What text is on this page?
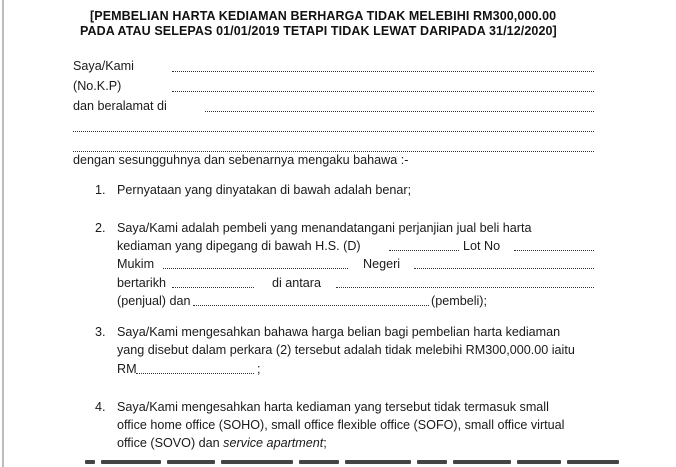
[PEMBELIAN HARTA KEDIAMAN BERHARGA TIDAK MELEBIHI RM300,000.00
PADA ATAU SELEPAS 01/01/2019 TETAPI TIDAK LEWAT DARIPADA 31/12/2020]
Saya/Kami
(No.K.P)
dan beralamat di
dengan sesungguhnya dan sebenarnya mengaku bahawa :-
1. Pernyataan yang dinyatakan di bawah adalah benar;
2. Saya/Kami adalah pembeli yang menandatangani perjanjian jual beli harta
kediaman yang dipegang di bawah H.S. (D)	Lot No
Mukim	Negeri
bertarikh	di antara
(penjual) dan	(pembeli);
3. Saya/Kami mengesahkan bahawa harga belian bagi pembelian harta kediaman
yang disebut dalam perkara (2) tersebut adalah tidak melebihi RM300,000.00 iaitu
RM	;
4. Saya/Kami mengesahkan harta kediaman yang tersebut tidak termasuk small
office home office (SOHO), small office flexible office (SOFO), small office virtual
office (SOVO) dan service apartment;
